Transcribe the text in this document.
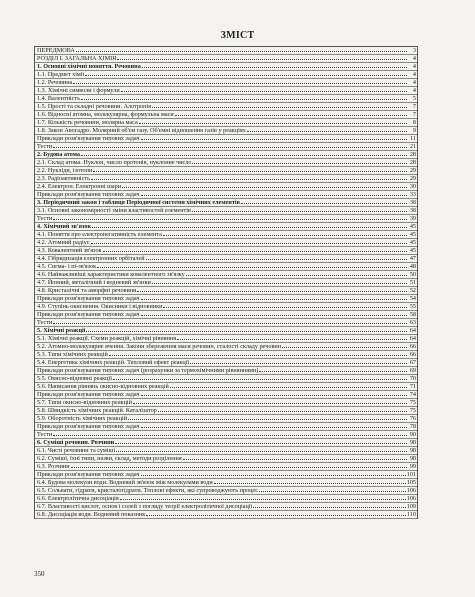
ЗМІСТ
ПЕРЕДМОВА	3
РОЗДІЛ І. ЗАГАЛЬНА ХІМІЯ	4
1. Основні хімічні поняття. Речовина	4
1.1. Предмет хімії	4
1.2. Речовина	4
1.3. Хімічні символи і формули	4
1.4. Валентність	5
1.5. Прості та складні речовини. Алотропія	7
1.6. Відносні атомна, молекулярна, формульна маси	7
1.7. Кількість речовини, молярна маса	8
1.8. Закон Авогадро. Молярний об'єм газу. Об'ємні відношення газів у реакціях	9
Приклади розв'язування типових задач	11
Тести	21
2. Будова атома	28
2.1. Склад атома. Нуклон, число протонів, нуклонне число	28
2.2. Нукліди, ізотопи	29
2.3. Радіоактивність	29
2.4. Електрон. Електронні шари	30
Приклади розв'язування типових задач	33
3. Періодичний закон і таблиця Періодичної системи хімічних елементів	38
3.1. Основні закономірності зміни властивостей елементів	38
Тести	39
4. Хімічний зв'язок	45
4.1. Поняття про електронегативність елемента	45
4.2. Атомний радіус	45
4.3. Ковалентний зв'язок	45
4.4. Гібридизація електронних орбіталей	47
4.5. Сигма- і пі-зв'язок	48
4.6. Найважливіші характеристики ковалентного зв'язку	50
4.7. Йонний, металічний і водневий зв'язки	51
4.8. Кристалічні та аморфні речовини	52
Приклади розв'язування типових задач	54
4.9. Ступінь окиснення. Окисники і відновники	55
Приклади розв'язування типових задач	58
Тести	63
5. Хімічні реакції	64
5.1. Хімічні реакції. Схеми реакцій, хімічні рівняння	64
5.2. Атомно-молекулярне вчення. Закони збереження маси речовин, сталості складу речовин	66
5.3. Типи хімічних реакцій	66
5.4. Енергетика хімічних реакцій. Тепловий ефект реакції	67
Приклади розв'язування типових задач (розрахунки за термохімічними рівняннями)	69
5.5. Окисно-відновні реакції	70
5.6. Написання рівнянь окисно-відновних реакцій	71
Приклади розв'язування типових задач	74
5.7. Типи окисно-відновних реакцій	75
5.8. Швидкість хімічних реакцій. Каталізатор	75
5.9. Оборотність хімічних реакцій	76
Приклади розв'язування типових задач	78
Тести	90
6. Суміші речовин. Розчини	98
6.1. Чисті речовини та суміші	98
6.2. Суміші, їхні типи, назви, склад, методи розділення	98
6.3. Розчини	99
Приклади розв'язування типових задач	101
6.4. Будова молекули води. Водневий зв'язок між молекулами води	105
6.5. Сольвати, гідрати, кристалогідрати. Теплові ефекти, які супроводжують процес	106
6.6. Електролітична дисоціація	106
6.7. Властивості кислот, основ і солей з погляду теорії електролітичної дисоціації	109
6.8. Дисоціація води. Водневий показник	110
350
